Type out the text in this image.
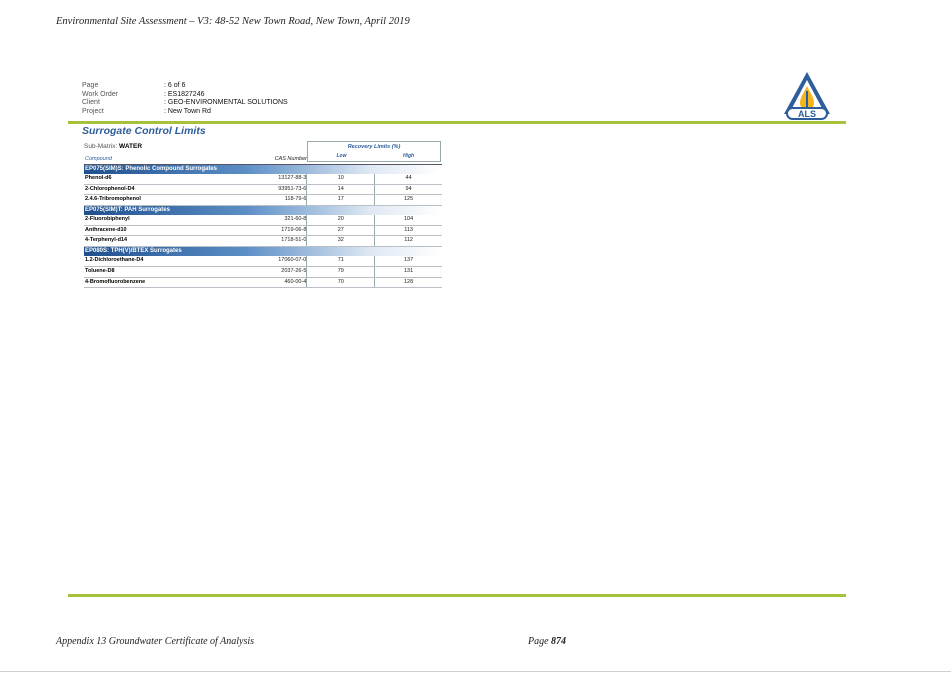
Environmental Site Assessment – V3: 48-52 New Town Road, New Town, April 2019
Page	: 6 of 6
Work Order	: ES1827246
Client	: GEO-ENVIRONMENTAL SOLUTIONS
Project	: New Town Rd	ALS
Surrogate Control Limits
Sub-Matrix: WATER	Recovery Limits (%)
Low	High
Compound	CAS Number
EP075(SIM)S: Phenolic Compound Surrogates
Phenol-d6	13127-88-3	10	44
2-Chlorophenol-D4	93951-73-6	14	94
2.4.6-Tribromophenol	118-79-6	17	125
EP075(SIM)T: PAH Surrogates
2-Fluorobiphenyl	321-60-8	20	104
Anthracene-d10	1719-06-8	27	113
4-Terphenyl-d14	1718-51-0	32	112
EP080S: TPH(V)/BTEX Surrogates
1.2-Dichloroethane-D4	17060-07-0	71	137
Toluene-D8	2037-26-5	79	131
4-Bromofluorobenzene	460-00-4	70	128
Appendix 13 Groundwater Certificate of Analysis	Page 874
